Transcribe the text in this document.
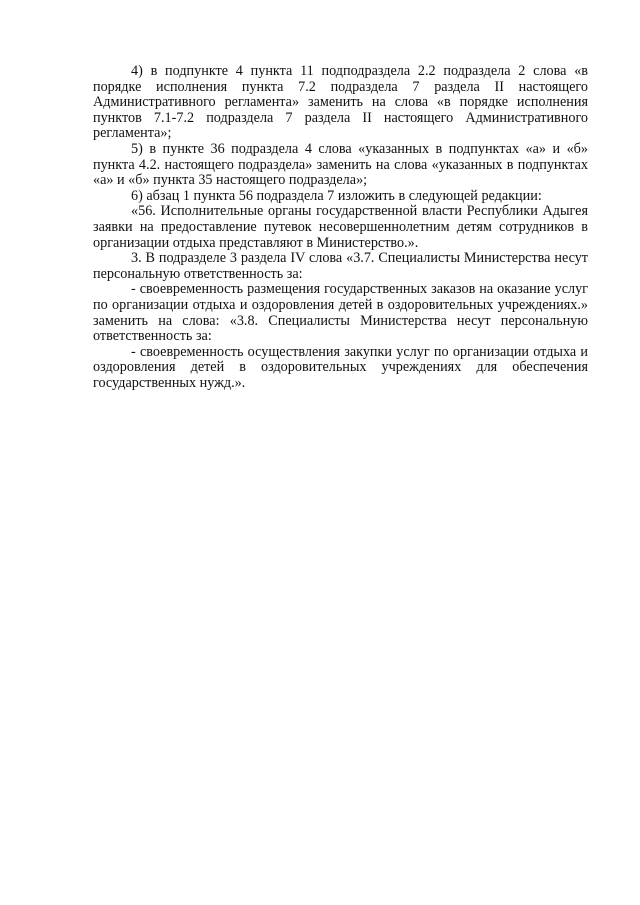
4) в подпункте 4 пункта 11 подподраздела 2.2 подраздела 2 слова «в порядке исполнения пункта 7.2 подраздела 7 раздела II настоящего Административного регламента» заменить на слова «в порядке исполнения пунктов 7.1-7.2 подраздела 7 раздела II настоящего Административного регламента»;

5) в пункте 36 подраздела 4 слова «указанных в подпунктах «а» и «б» пункта 4.2. настоящего подраздела» заменить на слова «указанных в подпунктах «а» и «б» пункта 35 настоящего подраздела»;

6) абзац 1 пункта 56 подраздела 7 изложить в следующей редакции:

«56. Исполнительные органы государственной власти Республики Адыгея заявки на предоставление путевок несовершеннолетним детям сотрудников в организации отдыха представляют в Министерство.».

3. В подразделе 3 раздела IV слова «3.7. Специалисты Министерства несут персональную ответственность за:

- своевременность размещения государственных заказов на оказание услуг по организации отдыха и оздоровления детей в оздоровительных учреждениях.» заменить на слова: «3.8. Специалисты Министерства несут персональную ответственность за:

- своевременность осуществления закупки услуг по организации отдыха и оздоровления детей в оздоровительных учреждениях для обеспечения государственных нужд.».
